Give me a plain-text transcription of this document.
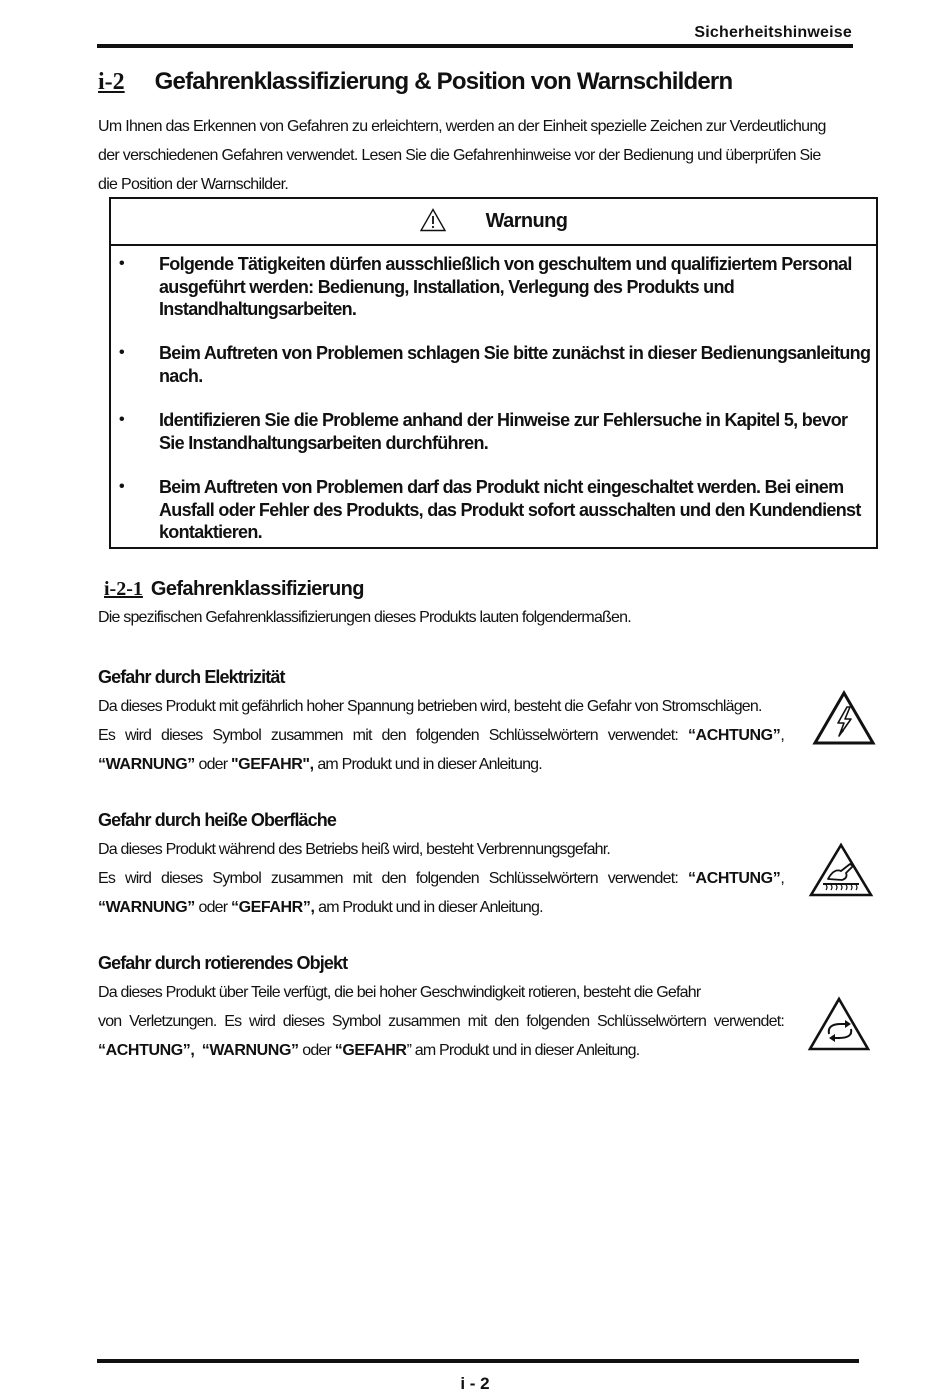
Sicherheitshinweise
i-2 Gefahrenklassifizierung & Position von Warnschildern
Um Ihnen das Erkennen von Gefahren zu erleichtern, werden an der Einheit spezielle Zeichen zur Verdeutlichung
der verschiedenen Gefahren verwendet. Lesen Sie die Gefahrenhinweise vor der Bedienung und überprüfen Sie
die Position der Warnschilder.
Warnung
• Folgende Tätigkeiten dürfen ausschließlich von geschultem und qualifiziertem Personal ausgeführt werden: Bedienung, Installation, Verlegung des Produkts und Instandhaltungsarbeiten.
• Beim Auftreten von Problemen schlagen Sie bitte zunächst in dieser Bedienungsanleitung nach.
• Identifizieren Sie die Probleme anhand der Hinweise zur Fehlersuche in Kapitel 5, bevor Sie Instandhaltungsarbeiten durchführen.
• Beim Auftreten von Problemen darf das Produkt nicht eingeschaltet werden. Bei einem Ausfall oder Fehler des Produkts, das Produkt sofort ausschalten und den Kundendienst kontaktieren.
i-2-1 Gefahrenklassifizierung
Die spezifischen Gefahrenklassifizierungen dieses Produkts lauten folgendermaßen.
Gefahr durch Elektrizität

Da dieses Produkt mit gefährlich hoher Spannung betrieben wird, besteht die Gefahr von Stromschlägen.

Es wird dieses Symbol zusammen mit den folgenden Schlüsselwörtern verwendet: “ACHTUNG”,

“WARNUNG” oder "GEFAHR", am Produkt und in dieser Anleitung.

Gefahr durch heiße Oberfläche

Da dieses Produkt während des Betriebs heiß wird, besteht Verbrennungsgefahr.

Es wird dieses Symbol zusammen mit den folgenden Schlüsselwörtern verwendet: “ACHTUNG”,

“WARNUNG” oder “GEFAHR”, am Produkt und in dieser Anleitung.

Gefahr durch rotierendes Objekt

Da dieses Produkt über Teile verfügt, die bei hoher Geschwindigkeit rotieren, besteht die Gefahr

von Verletzungen. Es wird dieses Symbol zusammen mit den folgenden Schlüsselwörtern verwendet:

“ACHTUNG”, “WARNUNG” oder “GEFAHR” am Produkt und in dieser Anleitung.

i - 2
